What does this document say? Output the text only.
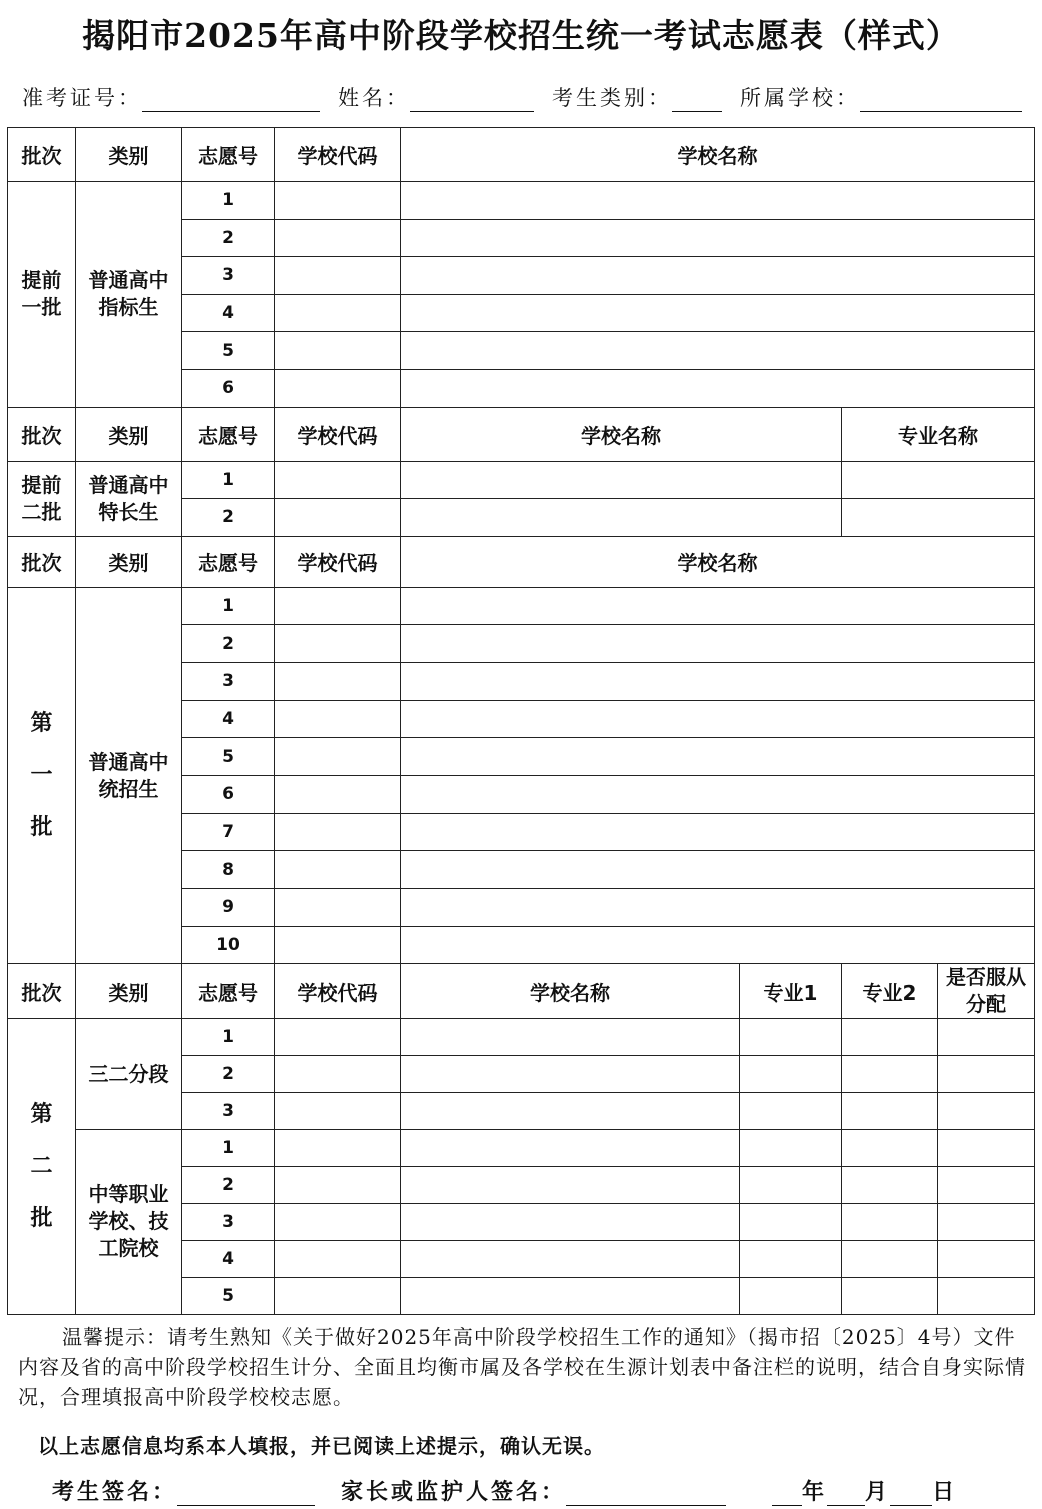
揭阳市2025年高中阶段学校招生统一考试志愿表（样式）
准考证号：	姓名：	考生类别：	所属学校：
批次	类别	志愿号	学校代码	学校名称			
提前一批	普通高中指标生	1					
		2					
		3					
		4					
		5					
		6					
批次	类别	志愿号	学校代码	学校名称		专业名称	
提前二批	普通高中特长生	1					
		2					
批次	类别	志愿号	学校代码	学校名称			
第一批	普通高中统招生	1					
		2					
		3					
		4					
		5					
		6					
		7					
		8					
		9					
		10					
批次	类别	志愿号	学校代码	学校名称	专业1	专业2	是否服从分配
第二批	三二分段	1					
		2					
		3					
	中等职业学校、技工院校	1					
		2					
		3					
		4					
		5					
温馨提示：请考生熟知《关于做好2025年高中阶段学校招生工作的通知》（揭市招〔2025〕4号）文件内容及省的高中阶段学校招生计分、全面且均衡市属及各学校在生源计划表中备注栏的说明，结合自身实际情况，合理填报高中阶段学校校志愿。
以上志愿信息均系本人填报，并已阅读上述提示，确认无误。
考生签名：	家长或监护人签名：	年 月 日
